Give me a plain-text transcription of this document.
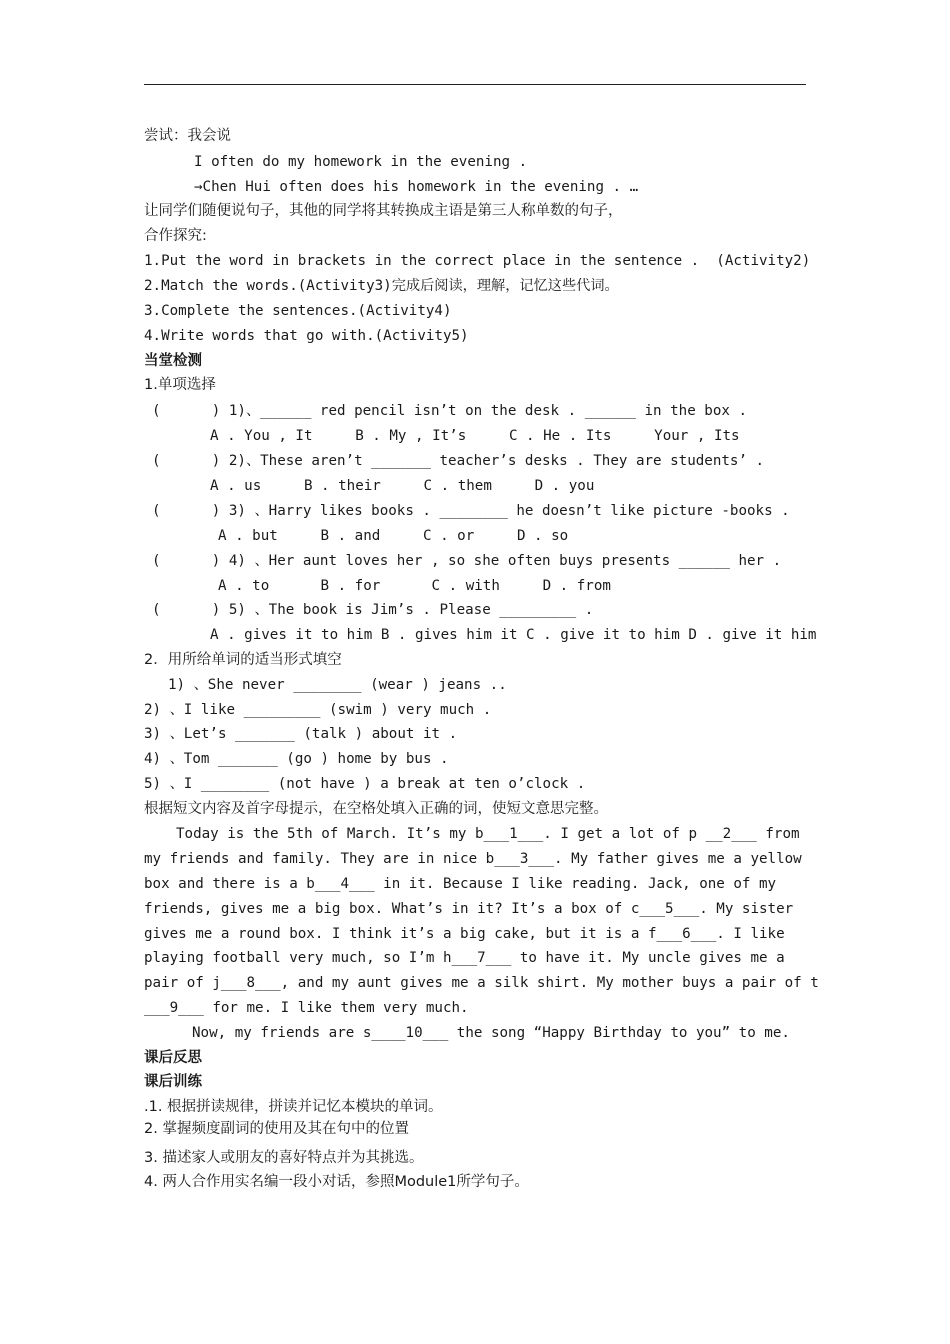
尝试：我会说
I often do my homework in the evening .
→Chen Hui often does his homework in the evening . …
让同学们随便说句子，其他的同学将其转换成主语是第三人称单数的句子，
合作探究:
1.Put the word in brackets in the correct place in the sentence .  (Activity2)
2.Match the words.(Activity3)完成后阅读，理解，记忆这些代词。
3.Complete the sentences.(Activity4)
4.Write words that go with.(Activity5)
当堂检测
1.单项选择
(      ) 1)、______ red pencil isn’t on the desk . ______ in the box .
A . You , It     B . My , It’s     C . He . Its     Your , Its
(      ) 2)、These aren’t _______ teacher’s desks . They are students’ .
A . us     B . their     C . them     D . you
(      ) 3) 、Harry likes books . ________ he doesn’t like picture -books .
A . but     B . and     C . or     D . so
(      ) 4) 、Her aunt loves her , so she often buys presents ______ her .
A . to      B . for      C . with     D . from
(      ) 5) 、The book is Jim’s . Please _________ .
A . gives it to him B . gives him it C . give it to him D . give it him
2．用所给单词的适当形式填空
1) 、She never ________ (wear ) jeans ..
2) 、I like _________ (swim ) very much .
3) 、Let’s _______ (talk ) about it .
4) 、Tom _______ (go ) home by bus .
5) 、I ________ (not have ) a break at ten o’clock .
根据短文内容及首字母提示，在空格处填入正确的词，使短文意思完整。
Today is the 5th of March. It’s my b___1___. I get a lot of p __2___ from
my friends and family. They are in nice b___3___. My father gives me a yellow
box and there is a b___4___ in it. Because I like reading. Jack, one of my
friends, gives me a big box. What’s in it? It’s a box of c___5___. My sister
gives me a round box. I think it’s a big cake, but it is a f___6___. I like
playing football very much, so I’m h___7___ to have it. My uncle gives me a
pair of j___8___, and my aunt gives me a silk shirt. My mother buys a pair of t
___9___ for me. I like them very much.
Now, my friends are s____10___ the song “Happy Birthday to you” to me.
课后反思
课后训练
.1. 根据拼读规律，拼读并记忆本模块的单词。
2. 掌握频度副词的使用及其在句中的位置
3. 描述家人或朋友的喜好特点并为其挑选。
4. 两人合作用实名编一段小对话，参照Module1所学句子。
